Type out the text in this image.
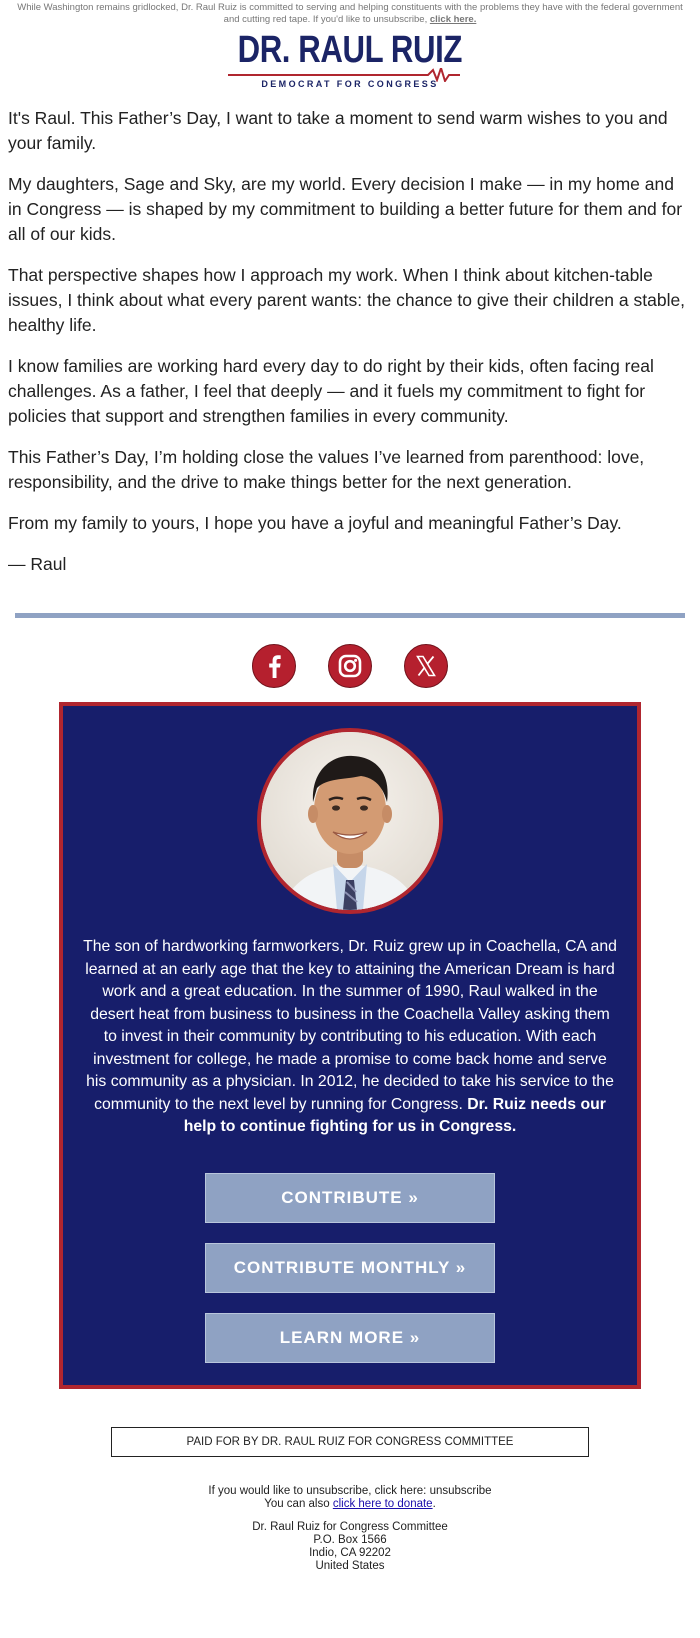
While Washington remains gridlocked, Dr. Raul Ruiz is committed to serving and helping constituents with the problems they have with the federal government and cutting red tape. If you'd like to unsubscribe, click here.
DR. RAUL RUIZ
DEMOCRAT FOR CONGRESS

It's Raul. This Father’s Day, I want to take a moment to send warm wishes to you and your family.

My daughters, Sage and Sky, are my world. Every decision I make — in my home and in Congress — is shaped by my commitment to building a better future for them and for all of our kids.

That perspective shapes how I approach my work. When I think about kitchen-table issues, I think about what every parent wants: the chance to give their children a stable, healthy life.

I know families are working hard every day to do right by their kids, often facing real challenges. As a father, I feel that deeply — and it fuels my commitment to fight for policies that support and strengthen families in every community.

This Father’s Day, I’m holding close the values I’ve learned from parenthood: love, responsibility, and the drive to make things better for the next generation.

From my family to yours, I hope you have a joyful and meaningful Father’s Day.

— Raul

The son of hardworking farmworkers, Dr. Ruiz grew up in Coachella, CA and learned at an early age that the key to attaining the American Dream is hard work and a great education. In the summer of 1990, Raul walked in the desert heat from business to business in the Coachella Valley asking them to invest in their community by contributing to his education. With each investment for college, he made a promise to come back home and serve his community as a physician. In 2012, he decided to take his service to the community to the next level by running for Congress. Dr. Ruiz needs our help to continue fighting for us in Congress.
CONTRIBUTE »
CONTRIBUTE MONTHLY »
LEARN MORE »
PAID FOR BY DR. RAUL RUIZ FOR CONGRESS COMMITTEE
If you would like to unsubscribe, click here: unsubscribe
You can also click here to donate.
Dr. Raul Ruiz for Congress Committee
P.O. Box 1566
Indio, CA 92202
United States
